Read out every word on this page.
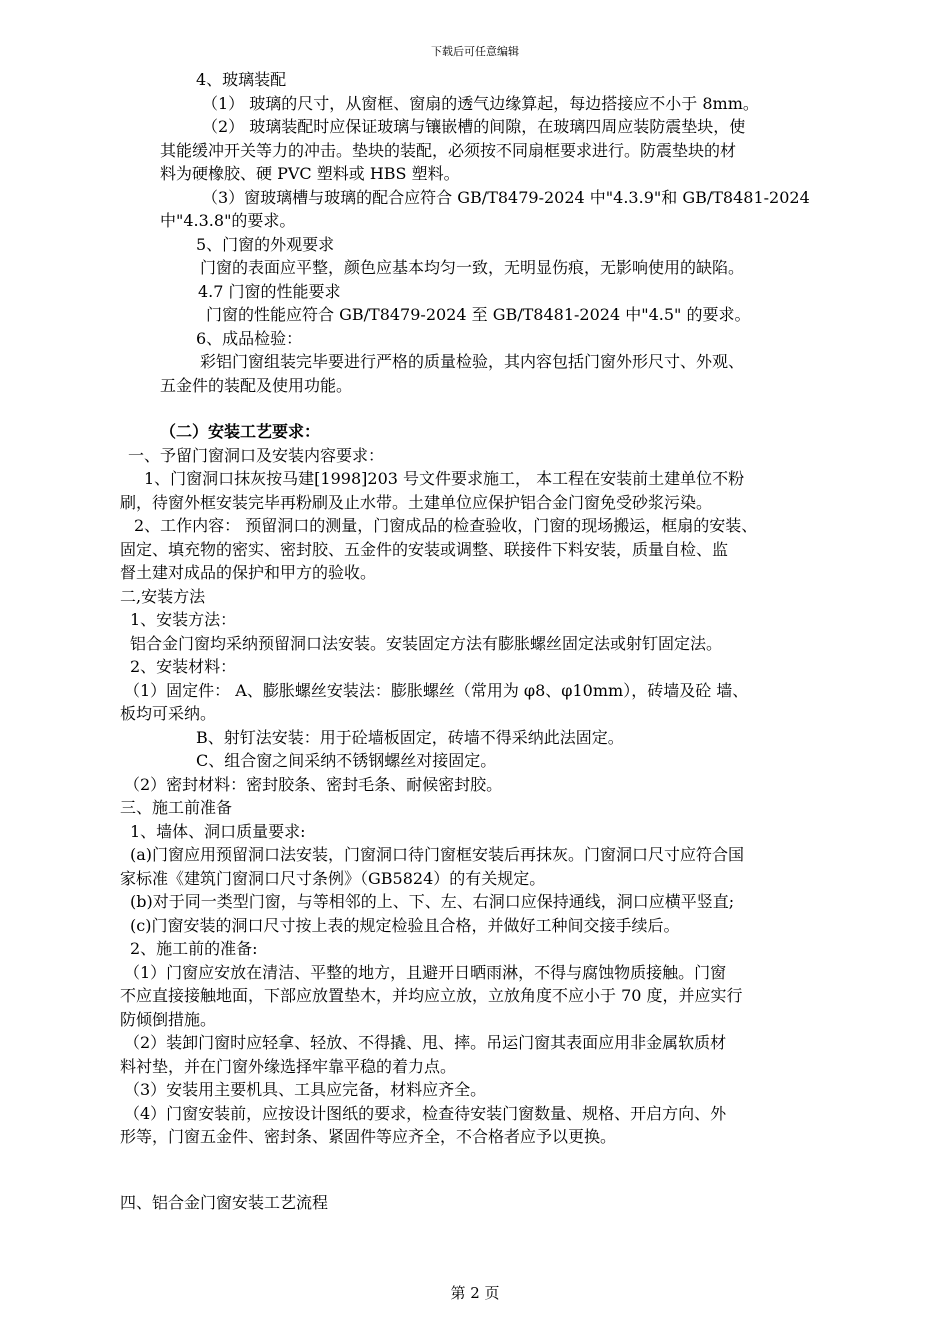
下载后可任意编辑

4、玻璃装配

（1） 玻璃的尺寸，从窗框、窗扇的透气边缘算起，每边搭接应不小于 8mm。

（2） 玻璃装配时应保证玻璃与镶嵌槽的间隙，在玻璃四周应装防震垫块，使

其能缓冲开关等力的冲击。垫块的装配，必须按不同扇框要求进行。防震垫块的材

料为硬橡胶、硬 PVC 塑料或 HBS 塑料。

（3）窗玻璃槽与玻璃的配合应符合 GB/T8479-2024 中"4.3.9"和 GB/T8481-2024

中"4.3.8"的要求。

5、门窗的外观要求

门窗的表面应平整，颜色应基本均匀一致，无明显伤痕，无影响使用的缺陷。

4.7 门窗的性能要求

门窗的性能应符合 GB/T8479-2024 至 GB/T8481-2024 中"4.5" 的要求。

6、成品检验：

彩铝门窗组装完毕要进行严格的质量检验，其内容包括门窗外形尺寸、外观、

五金件的装配及使用功能。

（二）安装工艺要求：

一、予留门窗洞口及安装内容要求：

1、门窗洞口抹灰按马建[1998]203 号文件要求施工， 本工程在安装前土建单位不粉

刷，待窗外框安装完毕再粉刷及止水带。土建单位应保护铝合金门窗免受砂浆污染。

2、工作内容： 预留洞口的测量，门窗成品的检查验收，门窗的现场搬运，框扇的安装、

固定、填充物的密实、密封胶、五金件的安装或调整、联接件下料安装，质量自检、监

督土建对成品的保护和甲方的验收。

二,安装方法

1、安装方法：

铝合金门窗均采纳预留洞口法安装。安装固定方法有膨胀螺丝固定法或射钉固定法。

2、安装材料：

（1）固定件： A、膨胀螺丝安装法：膨胀螺丝（常用为 φ8、φ10mm），砖墙及砼 墙、

板均可采纳。

B、射钉法安装：用于砼墙板固定，砖墙不得采纳此法固定。

C、组合窗之间采纳不锈钢螺丝对接固定。

（2）密封材料：密封胶条、密封毛条、耐候密封胶。

三、施工前准备

1、墙体、洞口质量要求:

(a)门窗应用预留洞口法安装，门窗洞口待门窗框安装后再抹灰。门窗洞口尺寸应符合国

家标准《建筑门窗洞口尺寸条例》（GB5824）的有关规定。

(b)对于同一类型门窗，与等相邻的上、下、左、右洞口应保持通线，洞口应横平竖直;

(c)门窗安装的洞口尺寸按上表的规定检验且合格，并做好工种间交接手续后。

2、施工前的准备:

（1）门窗应安放在清洁、平整的地方，且避开日晒雨淋，不得与腐蚀物质接触。门窗

不应直接接触地面，下部应放置垫木，并均应立放，立放角度不应小于 70 度，并应实行

防倾倒措施。

（2）装卸门窗时应轻拿、轻放、不得撬、甩、摔。吊运门窗其表面应用非金属软质材

料衬垫，并在门窗外缘选择牢靠平稳的着力点。

（3）安装用主要机具、工具应完备，材料应齐全。

（4）门窗安装前，应按设计图纸的要求，检查待安装门窗数量、规格、开启方向、外

形等，门窗五金件、密封条、紧固件等应齐全，不合格者应予以更换。

四、铝合金门窗安装工艺流程

第 2 页
